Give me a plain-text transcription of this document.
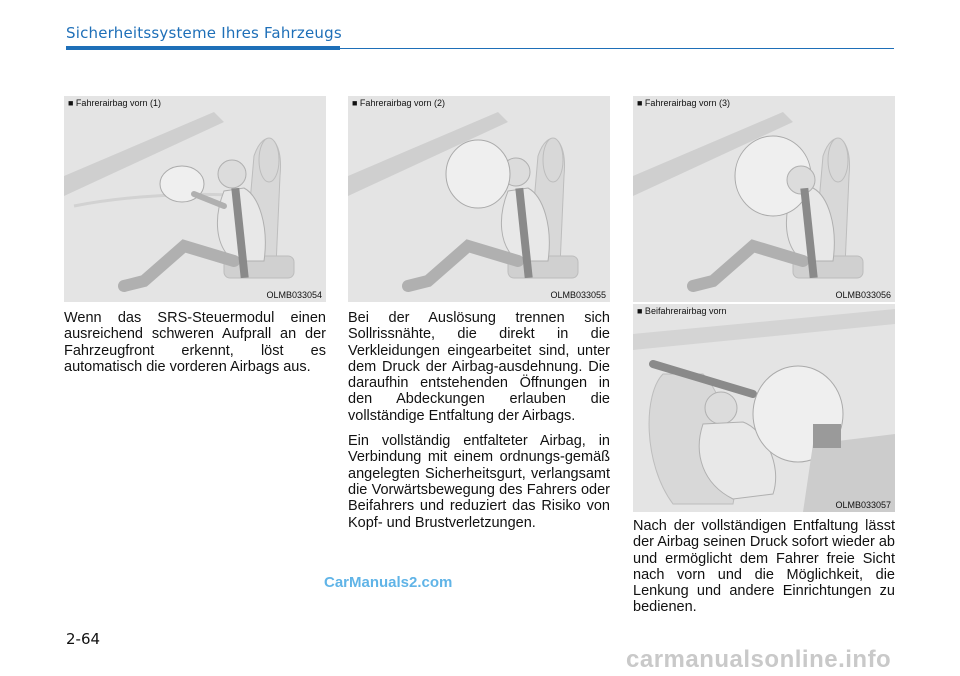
Sicherheitssysteme Ihres Fahrzeugs
■ Fahrerairbag vorn (1)
OLMB033054
■ Fahrerairbag vorn (2)
OLMB033055
■ Fahrerairbag vorn (3)
OLMB033056
■ Beifahrerairbag vorn
OLMB033057

Wenn das SRS-Steuermodul einen ausreichend schweren Aufprall an der Fahrzeugfront erkennt, löst es automatisch die vorderen Airbags aus.

Bei der Auslösung trennen sich Sollrissnähte, die direkt in die Verkleidungen eingearbeitet sind, unter dem Druck der Airbag-ausdehnung. Die daraufhin entstehenden Öffnungen in den Abdeckungen erlauben die vollständige Entfaltung der Airbags.

Ein vollständig entfalteter Airbag, in Verbindung mit einem ordnungs-gemäß angelegten Sicherheitsgurt, verlangsamt die Vorwärtsbewegung des Fahrers oder Beifahrers und reduziert das Risiko von Kopf- und Brustverletzungen.	Nach der vollständigen Entfaltung lässt der Airbag seinen Druck sofort wieder ab und ermöglicht dem Fahrer freie Sicht nach vorn und die Möglichkeit, die Lenkung und andere Einrichtungen zu bedienen.

2-64
CarManuals2.com
carmanualsonline.info
